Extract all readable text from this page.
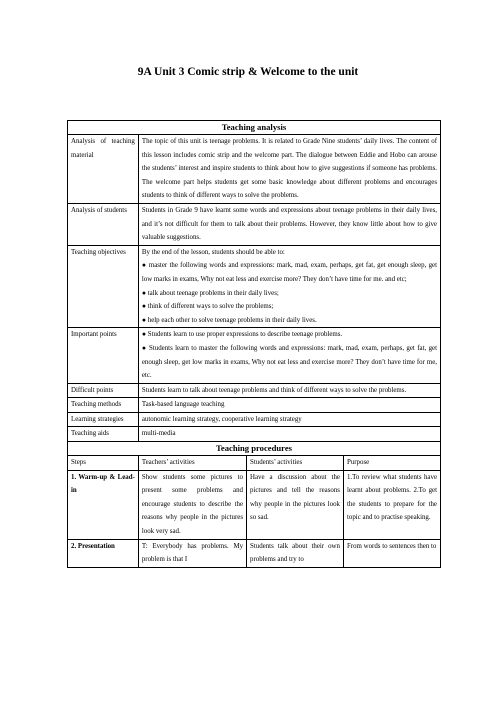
9A Unit 3 Comic strip & Welcome to the unit
Teaching analysis			
Analysis of teaching material	The topic of this unit is teenage problems. It is related to Grade Nine students’ daily lives. The content of this lesson includes comic strip and the welcome part. The dialogue between Eddie and Hobo can arouse the students’ interest and inspire students to think about how to give suggestions if someone has problems. The welcome part helps students get some basic knowledge about different problems and encourages students to think of different ways to solve the problems.		
Analysis of students	Students in Grade 9 have learnt some words and expressions about teenage problems in their daily lives, and it’s not difficult for them to talk about their problems. However, they know little about how to give valuable suggestions.		
Teaching objectives	By the end of the lesson, students should be able to:
● master the following words and expressions: mark, mad, exam, perhaps, get fat, get enough sleep, get low marks in exams, Why not eat less and exercise more? They don’t have time for me. and etc;
● talk about teenage problems in their daily lives;
● think of different ways to solve the problems;
● help each other to solve teenage problems in their daily lives.		

Important points	● Students learn to use proper expressions to describe teenage problems.
● Students learn to master the following words and expressions: mark, mad, exam, perhaps, get fat, get enough sleep, get low marks in exams, Why not eat less and exercise more? They don’t have time for me, etc.		

Difficult points	Students learn to talk about teenage problems and think of different ways to solve the problems.		
Teaching methods	Task-based language teaching		
Learning strategies	autonomic learning strategy, cooperative learning strategy		
Teaching aids	multi-media		
Teaching procedures			
Steps	Teachers’ activities	Students’ activities	Purpose
1. Warm-up & Lead-in	Show students some pictures to present some problems and encourage students to describe the reasons why people in the pictures look very sad.	Have a discussion about the pictures and tell the reasons why people in the pictures look so sad.	1.To review what students have learnt about problems. 2.To get the students to prepare for the topic and to practise speaking.
2. Presentation	T: Everybody has problems. My problem is that I	Students talk about their own problems and try to	From words to sentences then to
